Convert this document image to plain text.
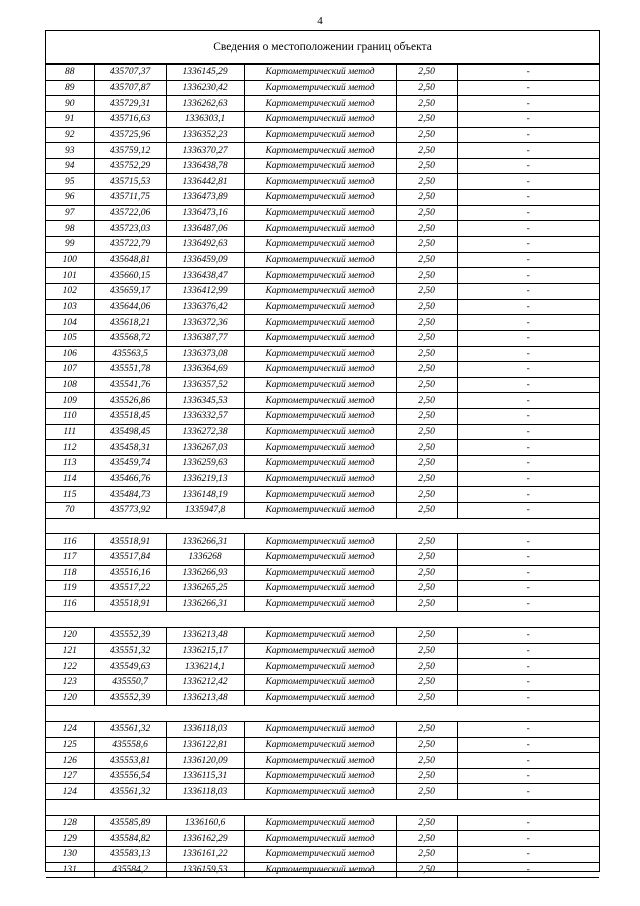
4
Сведения о местоположении границ объекта
88	435707,37	1336145,29	Картометрический метод	2,50	-
89	435707,87	1336230,42	Картометрический метод	2,50	-
90	435729,31	1336262,63	Картометрический метод	2,50	-
91	435716,63	1336303,1	Картометрический метод	2,50	-
92	435725,96	1336352,23	Картометрический метод	2,50	-
93	435759,12	1336370,27	Картометрический метод	2,50	-
94	435752,29	1336438,78	Картометрический метод	2,50	-
95	435715,53	1336442,81	Картометрический метод	2,50	-
96	435711,75	1336473,89	Картометрический метод	2,50	-
97	435722,06	1336473,16	Картометрический метод	2,50	-
98	435723,03	1336487,06	Картометрический метод	2,50	-
99	435722,79	1336492,63	Картометрический метод	2,50	-
100	435648,81	1336459,09	Картометрический метод	2,50	-
101	435660,15	1336438,47	Картометрический метод	2,50	-
102	435659,17	1336412,99	Картометрический метод	2,50	-
103	435644,06	1336376,42	Картометрический метод	2,50	-
104	435618,21	1336372,36	Картометрический метод	2,50	-
105	435568,72	1336387,77	Картометрический метод	2,50	-
106	435563,5	1336373,08	Картометрический метод	2,50	-
107	435551,78	1336364,69	Картометрический метод	2,50	-
108	435541,76	1336357,52	Картометрический метод	2,50	-
109	435526,86	1336345,53	Картометрический метод	2,50	-
110	435518,45	1336332,57	Картометрический метод	2,50	-
111	435498,45	1336272,38	Картометрический метод	2,50	-
112	435458,31	1336267,03	Картометрический метод	2,50	-
113	435459,74	1336259,63	Картометрический метод	2,50	-
114	435466,76	1336219,13	Картометрический метод	2,50	-
115	435484,73	1336148,19	Картометрический метод	2,50	-
70	435773,92	1335947,8	Картометрический метод	2,50	-

116	435518,91	1336266,31	Картометрический метод	2,50	-
117	435517,84	1336268	Картометрический метод	2,50	-
118	435516,16	1336266,93	Картометрический метод	2,50	-
119	435517,22	1336265,25	Картометрический метод	2,50	-
116	435518,91	1336266,31	Картометрический метод	2,50	-

120	435552,39	1336213,48	Картометрический метод	2,50	-
121	435551,32	1336215,17	Картометрический метод	2,50	-
122	435549,63	1336214,1	Картометрический метод	2,50	-
123	435550,7	1336212,42	Картометрический метод	2,50	-
120	435552,39	1336213,48	Картометрический метод	2,50	-

124	435561,32	1336118,03	Картометрический метод	2,50	-
125	435558,6	1336122,81	Картометрический метод	2,50	-
126	435553,81	1336120,09	Картометрический метод	2,50	-
127	435556,54	1336115,31	Картометрический метод	2,50	-
124	435561,32	1336118,03	Картометрический метод	2,50	-

128	435585,89	1336160,6	Картометрический метод	2,50	-
129	435584,82	1336162,29	Картометрический метод	2,50	-
130	435583,13	1336161,22	Картометрический метод	2,50	-
131	435584,2	1336159,53	Картометрический метод	2,50	-
